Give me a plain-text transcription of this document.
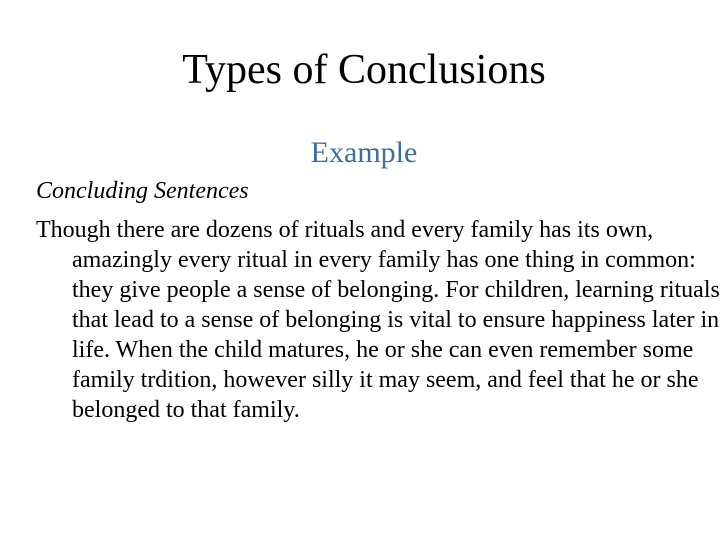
Types of Conclusions
Example
Concluding Sentences

Though there are dozens of rituals and every family has its own, amazingly every ritual in every family has one thing in common: they give people a sense of belonging. For children, learning rituals that lead to a sense of belonging is vital to ensure happiness later in life. When the child matures, he or she can even remember some family trdition, however silly it may seem, and feel that he or she belonged to that family.
